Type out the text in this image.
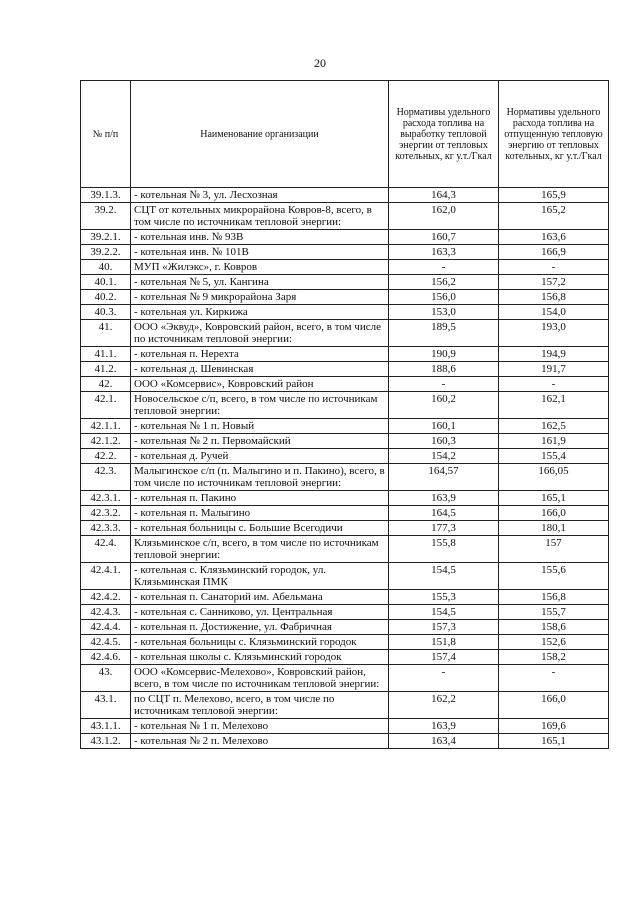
20
№ п/п	Наименование организации	Нормативы удельного расхода топлива на выработку тепловой энергии от тепловых котельных, кг у.т./Гкал	Нормативы удельного расхода топлива на отпущенную тепловую энергию от тепловых котельных, кг у.т./Гкал
39.1.3.	- котельная № 3, ул. Лесхозная	164,3	165,9
39.2.	СЦТ от котельных микрорайона Ковров-8, всего, в том числе по источникам тепловой энергии:	162,0	165,2
39.2.1.	- котельная инв. № 93В	160,7	163,6
39.2.2.	- котельная инв. № 101В	163,3	166,9
40.	МУП «Жилэкс», г. Ковров	-	-
40.1.	- котельная № 5, ул. Кангина	156,2	157,2
40.2.	- котельная № 9 микрорайона Заря	156,0	156,8
40.3.	- котельная ул. Киркижа	153,0	154,0
41.	ООО «Эквуд», Ковровский район, всего, в том числе по источникам тепловой энергии:	189,5	193,0
41.1.	- котельная п. Нерехта	190,9	194,9
41.2.	- котельная д. Шевинская	188,6	191,7
42.	ООО «Комсервис», Ковровский район	-	-
42.1.	Новосельское с/п, всего, в том числе по источникам тепловой энергии:	160,2	162,1
42.1.1.	- котельная № 1 п. Новый	160,1	162,5
42.1.2.	- котельная № 2 п. Первомайский	160,3	161,9
42.2.	- котельная д. Ручей	154,2	155,4
42.3.	Малыгинское с/п (п. Малыгино и п. Пакино), всего, в том числе по источникам тепловой энергии:	164,57	166,05
42.3.1.	- котельная п. Пакино	163,9	165,1
42.3.2.	- котельная п. Малыгино	164,5	166,0
42.3.3.	- котельная больницы с. Большие Всегодичи	177,3	180,1
42.4.	Клязьминское с/п, всего, в том числе по источникам тепловой энергии:	155,8	157
42.4.1.	- котельная с. Клязьминский городок, ул. Клязьминская ПМК	154,5	155,6
42.4.2.	- котельная п. Санаторий им. Абельмана	155,3	156,8
42.4.3.	- котельная с. Санниково, ул. Центральная	154,5	155,7
42.4.4.	- котельная п. Достижение, ул. Фабричная	157,3	158,6
42.4.5.	- котельная больницы с. Клязьминский городок	151,8	152,6
42.4.6.	- котельная школы с. Клязьминский городок	157,4	158,2
43.	ООО «Комсервис-Мелехово», Ковровский район, всего, в том числе по источникам тепловой энергии:	-	-
43.1.	по СЦТ п. Мелехово, всего, в том числе по источникам тепловой энергии:	162,2	166,0
43.1.1.	- котельная № 1 п. Мелехово	163,9	169,6
43.1.2.	- котельная № 2 п. Мелехово	163,4	165,1
